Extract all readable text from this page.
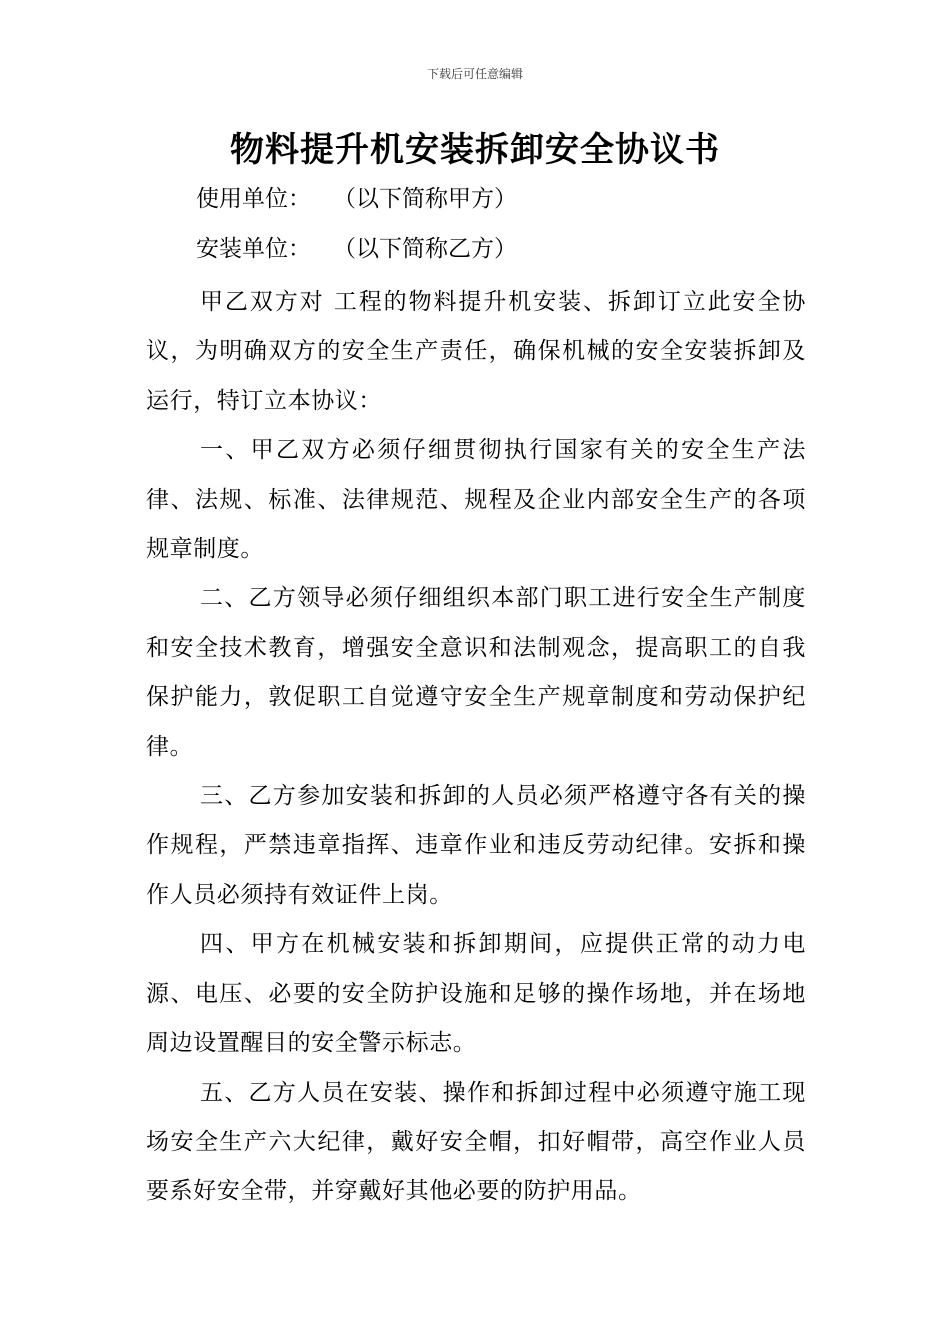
下载后可任意编辑
物料提升机安装拆卸安全协议书
使用单位： （以下简称甲方）
安装单位： （以下简称乙方）

甲乙双方对 工程的物料提升机安装、拆卸订立此安全协议，为明确双方的安全生产责任，确保机械的安全安装拆卸及运行，特订立本协议：

一、甲乙双方必须仔细贯彻执行国家有关的安全生产法律、法规、标准、法律规范、规程及企业内部安全生产的各项规章制度。

二、乙方领导必须仔细组织本部门职工进行安全生产制度和安全技术教育，增强安全意识和法制观念，提高职工的自我保护能力，敦促职工自觉遵守安全生产规章制度和劳动保护纪律。

三、乙方参加安装和拆卸的人员必须严格遵守各有关的操作规程，严禁违章指挥、违章作业和违反劳动纪律。安拆和操作人员必须持有效证件上岗。

四、甲方在机械安装和拆卸期间，应提供正常的动力电源、电压、必要的安全防护设施和足够的操作场地，并在场地周边设置醒目的安全警示标志。

五、乙方人员在安装、操作和拆卸过程中必须遵守施工现场安全生产六大纪律，戴好安全帽，扣好帽带，高空作业人员要系好安全带，并穿戴好其他必要的防护用品。
